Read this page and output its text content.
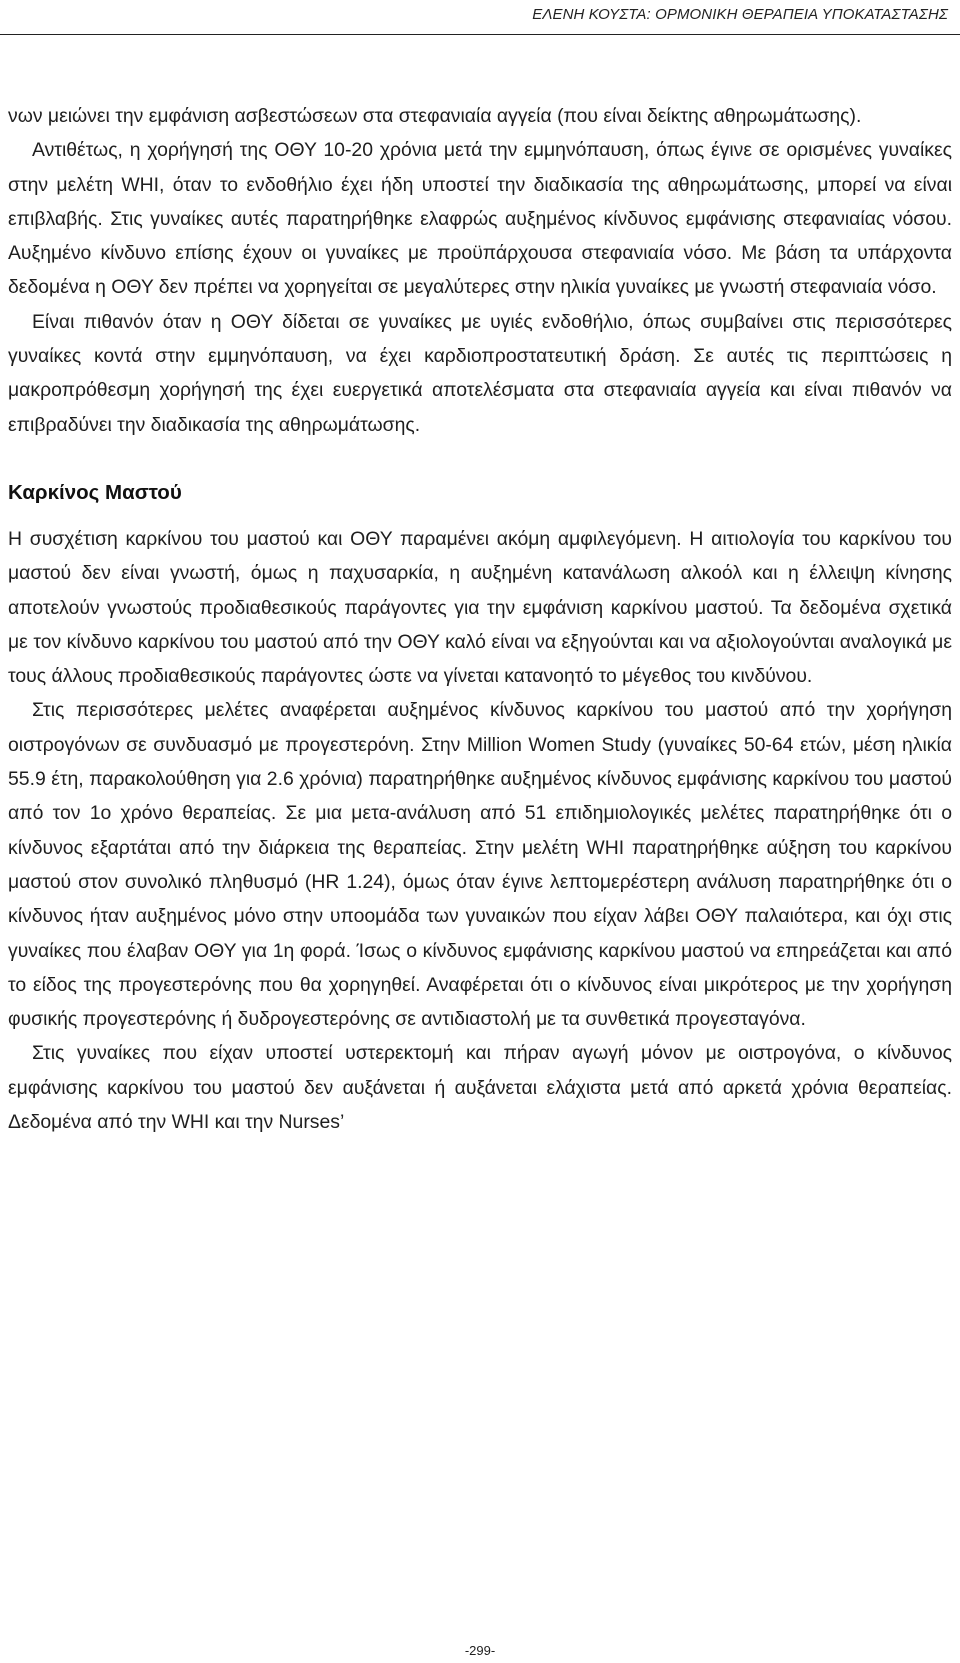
ΕΛΕΝΗ ΚΟΥΣΤΑ: ΟΡΜΟΝΙΚΗ ΘΕΡΑΠΕΙΑ ΥΠΟΚΑΤΑΣΤΑΣΗΣ

νων μειώνει την εμφάνιση ασβεστώσεων στα στεφανιαία αγγεία (που είναι δείκτης αθηρωμάτωσης).

Αντιθέτως, η χορήγησή της ΟΘΥ 10-20 χρόνια μετά την εμμηνόπαυση, όπως έγινε σε ορισμένες γυναίκες στην μελέτη WHI, όταν το ενδοθήλιο έχει ήδη υποστεί την διαδικασία της αθηρωμάτωσης, μπορεί να είναι επιβλαβής. Στις γυναίκες αυτές παρατηρήθηκε ελαφρώς αυξημένος κίνδυνος εμφάνισης στεφανιαίας νόσου. Αυξημένο κίνδυνο επίσης έχουν οι γυναίκες με προϋπάρχουσα στεφανιαία νόσο. Με βάση τα υπάρχοντα δεδομένα η ΟΘΥ δεν πρέπει να χορηγείται σε μεγαλύτερες στην ηλικία γυναίκες με γνωστή στεφανιαία νόσο.

Είναι πιθανόν όταν η ΟΘΥ δίδεται σε γυναίκες με υγιές ενδοθήλιο, όπως συμβαίνει στις περισσότερες γυναίκες κοντά στην εμμηνόπαυση, να έχει καρδιοπροστατευτική δράση. Σε αυτές τις περιπτώσεις η μακροπρόθεσμη χορήγησή της έχει ευεργετικά αποτελέσματα στα στεφανιαία αγγεία και είναι πιθανόν να επιβραδύνει την διαδικασία της αθηρωμάτωσης.

Καρκίνος Μαστού

Η συσχέτιση καρκίνου του μαστού και ΟΘΥ παραμένει ακόμη αμφιλεγόμενη. Η αιτιολογία του καρκίνου του μαστού δεν είναι γνωστή, όμως η παχυσαρκία, η αυξημένη κατανάλωση αλκοόλ και η έλλειψη κίνησης αποτελούν γνωστούς προδιαθεσικούς παράγοντες για την εμφάνιση καρκίνου μαστού. Τα δεδομένα σχετικά με τον κίνδυνο καρκίνου του μαστού από την ΟΘΥ καλό είναι να εξηγούνται και να αξιολογούνται αναλογικά με τους άλλους προδιαθεσικούς παράγοντες ώστε να γίνεται κατανοητό το μέγεθος του κινδύνου.

Στις περισσότερες μελέτες αναφέρεται αυξημένος κίνδυνος καρκίνου του μαστού από την χορήγηση οιστρογόνων σε συνδυασμό με προγεστερόνη. Στην Million Women Study (γυναίκες 50-64 ετών, μέση ηλικία 55.9 έτη, παρακολούθηση για 2.6 χρόνια) παρατηρήθηκε αυξημένος κίνδυνος εμφάνισης καρκίνου του μαστού από τον 1ο χρόνο θεραπείας. Σε μια μετα-ανάλυση από 51 επιδημιολογικές μελέτες παρατηρήθηκε ότι ο κίνδυνος εξαρτάται από την διάρκεια της θεραπείας. Στην μελέτη WHI παρατηρήθηκε αύξηση του καρκίνου μαστού στον συνολικό πληθυσμό (HR 1.24), όμως όταν έγινε λεπτομερέστερη ανάλυση παρατηρήθηκε ότι ο κίνδυνος ήταν αυξημένος μόνο στην υποομάδα των γυναικών που είχαν λάβει ΟΘΥ παλαιότερα, και όχι στις γυναίκες που έλαβαν ΟΘΥ για 1η φορά. Ίσως ο κίνδυνος εμφάνισης καρκίνου μαστού να επηρεάζεται και από το είδος της προγεστερόνης που θα χορηγηθεί. Αναφέρεται ότι ο κίνδυνος είναι μικρότερος με την χορήγηση φυσικής προγεστερόνης ή δυδρογεστερόνης σε αντιδιαστολή με τα συνθετικά προγεσταγόνα.

Στις γυναίκες που είχαν υποστεί υστερεκτομή και πήραν αγωγή μόνον με οιστρογόνα, ο κίνδυνος εμφάνισης καρκίνου του μαστού δεν αυξάνεται ή αυξάνεται ελάχιστα μετά από αρκετά χρόνια θεραπείας. Δεδομένα από την WHI και την Nurses’

-299-
